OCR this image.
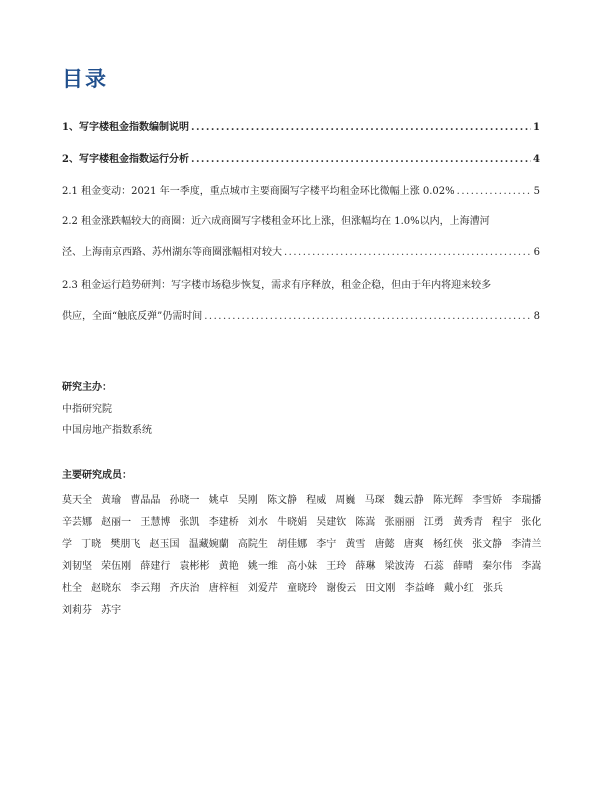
目录
1、写字楼租金指数编制说明 .....	1
2、写字楼租金指数运行分析 .....	4
2.1 租金变动：2021 年一季度，重点城市主要商圈写字楼平均租金环比微幅上涨 0.02% .....	5
2.2 租金涨跌幅较大的商圈：近六成商圈写字楼租金环比上涨，但涨幅均在 1.0%以内，上海漕河
泾、上海南京西路、苏州湖东等商圈涨幅相对较大 .....	6
2.3 租金运行趋势研判：写字楼市场稳步恢复，需求有序释放，租金企稳，但由于年内将迎来较多
供应，全面“触底反弹”仍需时间 .....	8
研究主办：
中指研究院
中国房地产指数系统
主要研究成员：
莫天全 黄瑜 曹晶晶 孙晓一 姚卓 吴刚 陈文静 程威 周巍 马琛 魏云静 陈光辉 李雪娇 李瑞播
辛芸娜 赵丽一 王慧博 张凯 李建桥 刘水 牛晓娟 吴建钦 陈嵩 张丽丽 江勇 黄秀青 程宇 张化
学 丁晓 樊朋飞 赵玉国 温藏婉蘭 高院生 胡佳娜 李宁 黄雪 唐懿 唐爽 杨红侠 张文静 李清兰
刘韧坚 荣伍刚 薛建行 袁彬彬 黄艳 姚一维 高小妹 王玲 薛琳 梁波涛 石蕊 薛晴 秦尔伟 李嵩
杜全 赵晓东 李云翔 齐庆治 唐梓桓 刘爱芹 童晓玲 谢俊云 田文刚 李益峰 戴小红 张兵
刘莉芬 苏宇
